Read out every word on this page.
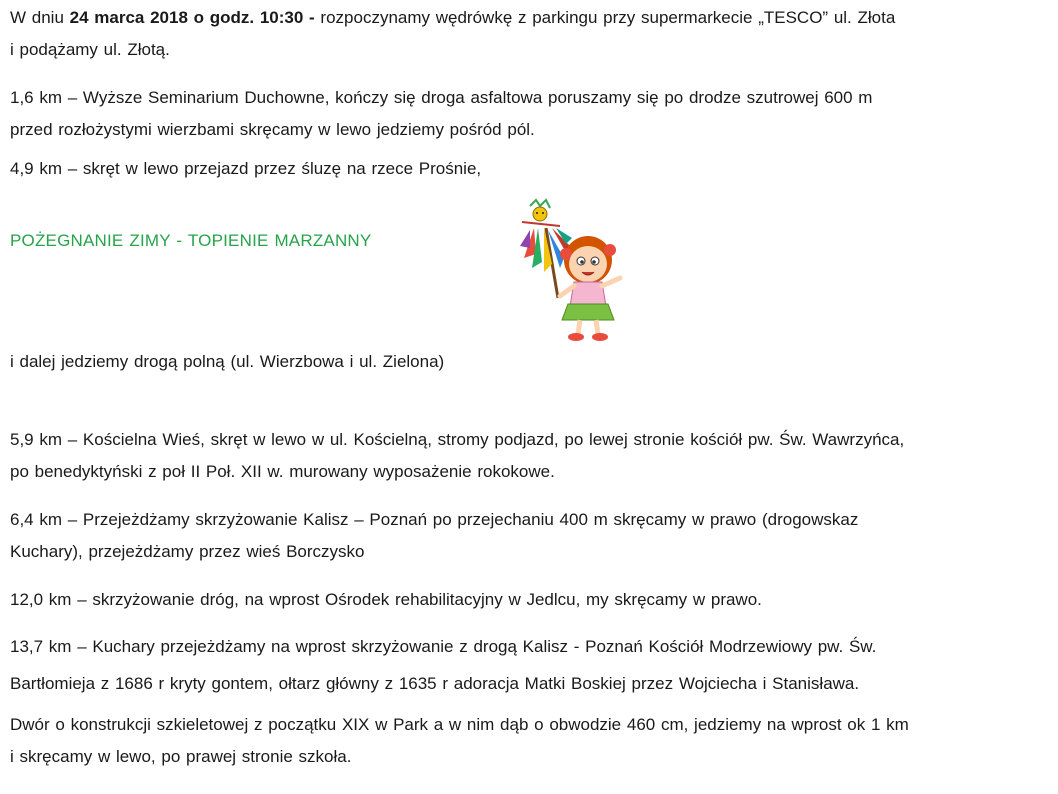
W dniu 24 marca 2018 o godz. 10:30 - rozpoczynamy wędrówkę z parkingu przy supermarkecie „TESCO” ul. Złota
i podążamy ul. Złotą.
1,6 km – Wyższe Seminarium Duchowne, kończy się droga asfaltowa poruszamy się po drodze szutrowej 600 m
przed rozłożystymi wierzbami skręcamy w lewo jedziemy pośród pól.
4,9 km – skręt w lewo przejazd przez śluzę na rzece Prośnie,
POŻEGNANIE ZIMY - TOPIENIE MARZANNY
i dalej jedziemy drogą polną (ul. Wierzbowa i ul. Zielona)
5,9 km – Kościelna Wieś, skręt w lewo w ul. Kościelną, stromy podjazd, po lewej stronie kościół pw. Św. Wawrzyńca,
po benedyktyński z poł II Poł. XII w. murowany wyposażenie rokokowe.
6,4 km – Przejeżdżamy skrzyżowanie Kalisz – Poznań po przejechaniu 400 m skręcamy w prawo (drogowskaz
Kuchary), przejeżdżamy przez wieś Borczysko
12,0 km – skrzyżowanie dróg, na wprost Ośrodek rehabilitacyjny w Jedlcu, my skręcamy w prawo.
13,7 km – Kuchary przejeżdżamy na wprost skrzyżowanie z drogą Kalisz - Poznań Kościół Modrzewiowy pw. Św.
Bartłomieja z 1686 r kryty gontem, ołtarz główny z 1635 r adoracja Matki Boskiej przez Wojciecha i Stanisława.
Dwór o konstrukcji szkieletowej z początku XIX w Park a w nim dąb o obwodzie 460 cm, jedziemy na wprost ok 1 km
i skręcamy w lewo, po prawej stronie szkoła.
